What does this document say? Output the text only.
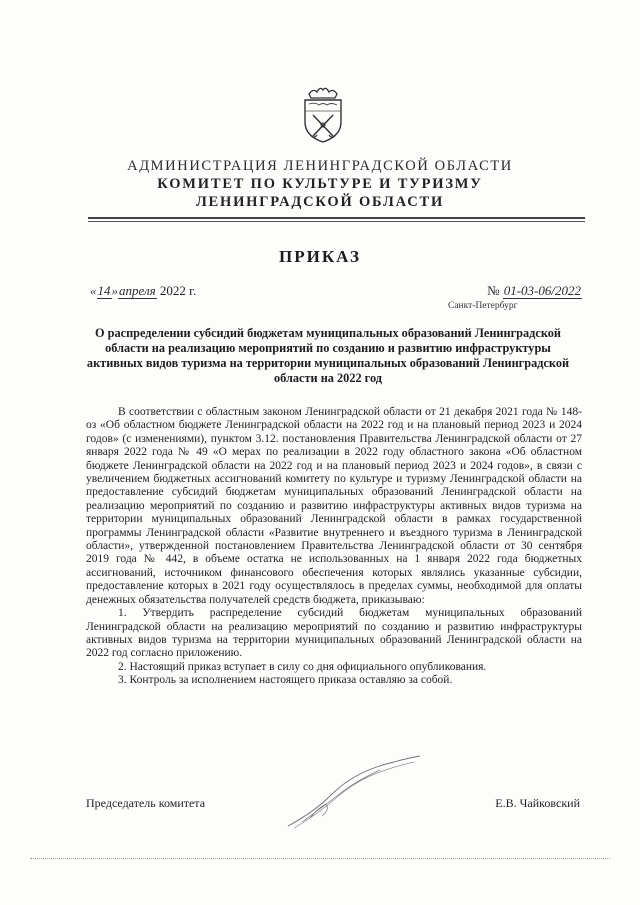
АДМИНИСТРАЦИЯ ЛЕНИНГРАДСКОЙ ОБЛАСТИ
КОМИТЕТ ПО КУЛЬТУРЕ И ТУРИЗМУ
ЛЕНИНГРАДСКОЙ ОБЛАСТИ
ПРИКАЗ
«14»апреля 2022 г.	№ 01-03-06/2022
Санкт-Петербург
О распределении субсидий бюджетам муниципальных образований Ленинградской области на реализацию мероприятий по созданию и развитию инфраструктуры активных видов туризма на территории муниципальных образований Ленинградской области на 2022 год

В соответствии с областным законом Ленинградской области от 21 декабря 2021 года № 148-оз «Об областном бюджете Ленинградской области на 2022 год и на плановый период 2023 и 2024 годов» (с изменениями), пунктом 3.12. постановления Правительства Ленинградской области от 27 января 2022 года № 49 «О мерах по реализации в 2022 году областного закона «Об областном бюджете Ленинградской области на 2022 год и на плановый период 2023 и 2024 годов», в связи с увеличением бюджетных ассигнований комитету по культуре и туризму Ленинградской области на предоставление субсидий бюджетам муниципальных образований Ленинградской области на реализацию мероприятий по созданию и развитию инфраструктуры активных видов туризма на территории муниципальных образований Ленинградской области в рамках государственной программы Ленинградской области «Развитие внутреннего и въездного туризма в Ленинградской области», утвержденной постановлением Правительства Ленинградской области от 30 сентября 2019 года № 442, в объеме остатка не использованных на 1 января 2022 года бюджетных ассигнований, источником финансового обеспечения которых являлись указанные субсидии, предоставление которых в 2021 году осуществлялось в пределах суммы, необходимой для оплаты денежных обязательства получателей средств бюджета, приказываю:

1. Утвердить распределение субсидий бюджетам муниципальных образований Ленинградской области на реализацию мероприятий по созданию и развитию инфраструктуры активных видов туризма на территории муниципальных образований Ленинградской области на 2022 год согласно приложению.

2. Настоящий приказ вступает в силу со дня официального опубликования.

3. Контроль за исполнением настоящего приказа оставляю за собой.

Председатель комитета	Е.В. Чайковский
